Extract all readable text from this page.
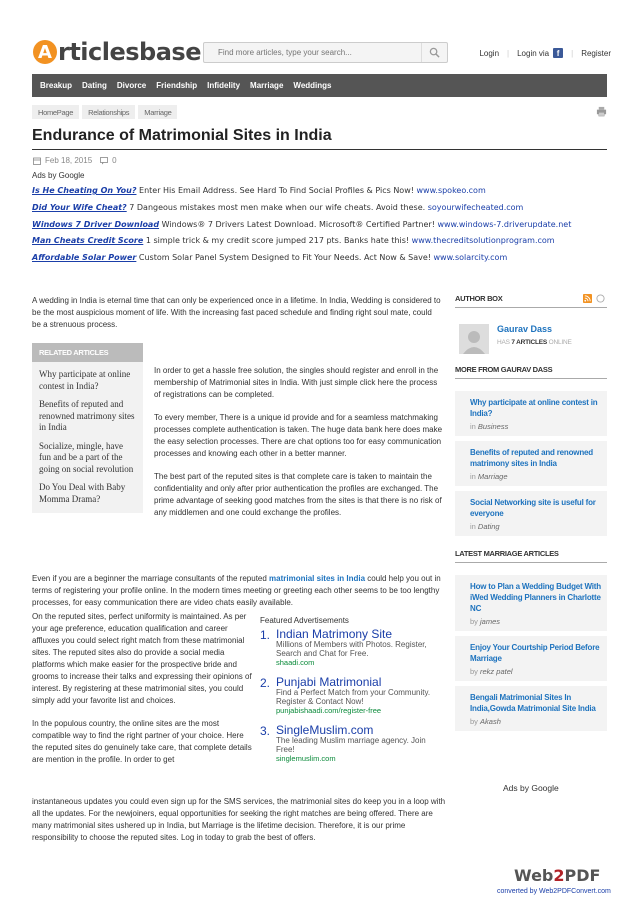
A rticlesbase
Find more articles, type your search...	Login | Login via f	| Register
Breakup Dating Divorce Friendship Infidelity Marriage Weddings
HomePage	Relationships	Marriage
Endurance of Matrimonial Sites in India
Feb 18, 2015	0
Ads by Google
Is He Cheating On You? Enter His Email Address. See Hard To Find Social Profiles & Pics Now! www.spokeo.com
Did Your Wife Cheat? 7 Dangeous mistakes most men make when our wife cheats. Avoid these. soyourwifecheated.com
Windows 7 Driver Download Windows® 7 Drivers Latest Download. Microsoft® Certified Partner! www.windows-7.driverupdate.net
Man Cheats Credit Score 1 simple trick & my credit score jumped 217 pts. Banks hate this! www.thecreditsolutionprogram.com
Affordable Solar Power Custom Solar Panel System Designed to Fit Your Needs. Act Now & Save! www.solarcity.com
A wedding in India is eternal time that can only be experienced once in a lifetime. In India, Wedding is considered to be the most auspicious moment of life. With the increasing fast paced schedule and finding right soul mate, could be a strenuous process.
RELATED ARTICLES
Why participate at online contest in India?
Benefits of reputed and renowned matrimony sites in India
Socialize, mingle, have fun and be a part of the going on social revolution
Do You Deal with Baby Momma Drama?

In order to get a hassle free solution, the singles should register and enroll in the membership of Matrimonial sites in India. With just simple click here the process of registrations can be completed.

To every member, There is a unique id provide and for a seamless matchmaking processes complete authentication is taken. The huge data bank here does make the easy selection processes. There are chat options too for easy communication processes and knowing each other in a better manner.

The best part of the reputed sites is that complete care is taken to maintain the confidentiality and only after prior authentication the profiles are exchanged. The prime advantage of seeking good matches from the sites is that there is no risk of any middlemen and one could exchange the profiles.

Even if you are a beginner the marriage consultants of the reputed matrimonial sites in India could help you out in terms of registering your profile online. In the modern times meeting or greeting each other seems to be too lengthy processes, for easy communication there are video chats easily available.

On the reputed sites, perfect uniformity is maintained. As per your age preference, education qualification and career affluxes you could select right match from these matrimonial sites. The reputed sites also do provide a social media platforms which make easier for the prospective bride and grooms to increase their talks and expressing their opinions of interest. By registering at these matrimonial sites, you could simply add your favorite list and choices.

In the populous country, the online sites are the most compatible way to find the right partner of your choice. Here the reputed sites do genuinely take care, that complete details are mention in the profile. In order to get

instantaneous updates you could even sign up for the SMS services, the matrimonial sites do keep you in a loop with all the updates. For the newjoiners, equal opportunities for seeking the right matches are being offered. There are many matrimonial sites ushered up in India, but Marriage is the lifetime decision. Therefore, it is our prime responsibility to choose the reputed sites. Log in today to grab the best of offers.
Featured Advertisements
1. Indian Matrimony Site
Millions of Members with Photos. Register, Search and Chat for Free.
shaadi.com
2. Punjabi Matrimonial
Find a Perfect Match from your Community. Register & Contact Now!
punjabishaadi.com/register-free
3. SingleMuslim.com
The leading Muslim marriage agency. Join Free!
singlemuslim.com
AUTHOR BOX
Gaurav Dass
HAS 7 ARTICLES ONLINE
MORE FROM GAURAV DASS
Why participate at online contest in India?
in Business
Benefits of reputed and renowned matrimony sites in India
in Marriage
Social Networking site is useful for everyone
in Dating
LATEST MARRIAGE ARTICLES
How to Plan a Wedding Budget With iWed Wedding Planners in Charlotte NC
by james
Enjoy Your Courtship Period Before Marriage
by rekz patel
Bengali Matrimonial Sites In India,Gowda Matrimonial Site India
by Akash
Ads by Google
Web2PDF
converted by Web2PDFConvert.com
